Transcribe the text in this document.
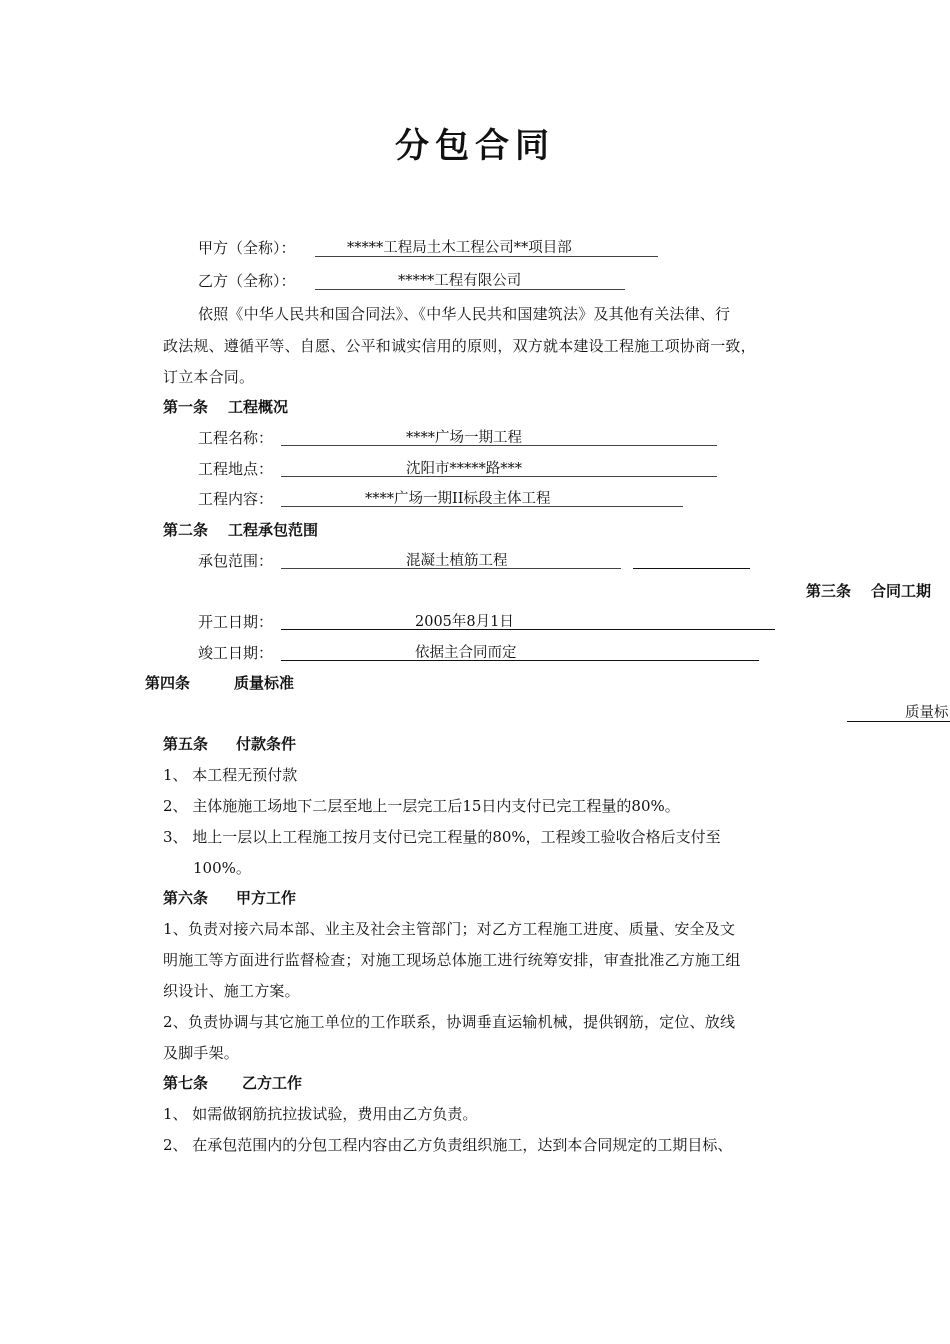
分包合同
甲方（全称）：	*****工程局土木工程公司**项目部
乙方（全称）：	*****工程有限公司
依照《中华人民共和国合同法》、《中华人民共和国建筑法》及其他有关法律、行
政法规、遵循平等、自愿、公平和诚实信用的原则，双方就本建设工程施工项协商一致，
订立本合同。
第一条 工程概况
工程名称：	****广场一期工程
工程地点：	沈阳市*****路***
工程内容：	****广场一期II标段主体工程
第二条 工程承包范围
承包范围：	混凝土植筋工程
第三条 合同工期
开工日期：	2005年8月1日
竣工日期：	依据主合同而定
第四条	质量标准
质量标
第五条 付款条件
1、 本工程无预付款
2、 主体施施工场地下二层至地上一层完工后15日内支付已完工程量的80%。
3、 地上一层以上工程施工按月支付已完工程量的80%，工程竣工验收合格后支付至
100%。
第六条 甲方工作
1、负责对接六局本部、业主及社会主管部门；对乙方工程施工进度、质量、安全及文
明施工等方面进行监督检查；对施工现场总体施工进行统筹安排，审查批准乙方施工组
织设计、施工方案。
2、负责协调与其它施工单位的工作联系，协调垂直运输机械，提供钢筋，定位、放线
及脚手架。
第七条 乙方工作
1、 如需做钢筋抗拉拔试验，费用由乙方负责。
2、 在承包范围内的分包工程内容由乙方负责组织施工，达到本合同规定的工期目标、
